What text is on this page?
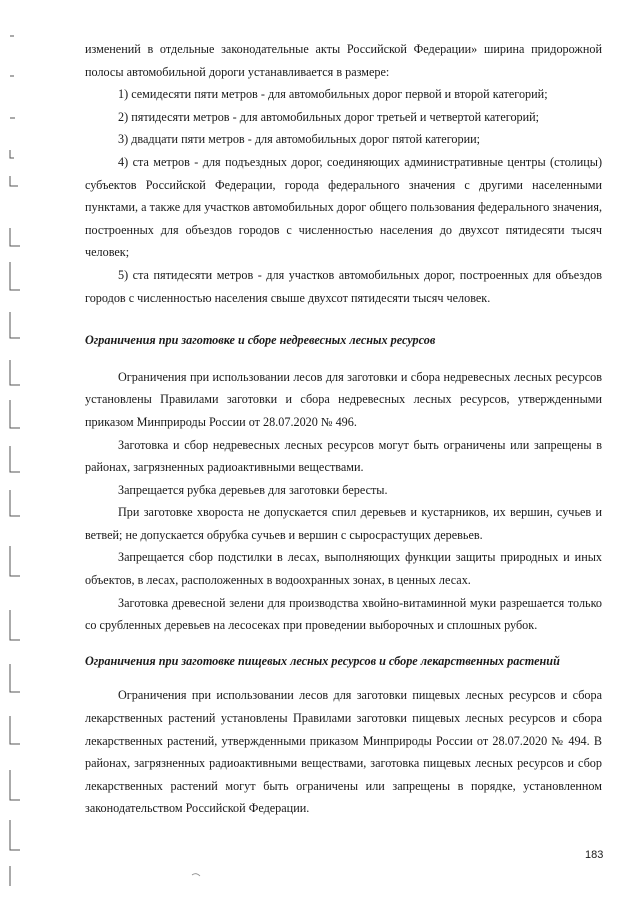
изменений в отдельные законодательные акты Российской Федерации» ширина придорожной полосы автомобильной дороги устанавливается в размере:

1) семидесяти пяти метров - для автомобильных дорог первой и второй категорий;

2) пятидесяти метров - для автомобильных дорог третьей и четвертой категорий;

3) двадцати пяти метров - для автомобильных дорог пятой категории;

4) ста метров - для подъездных дорог, соединяющих административные центры (столицы) субъектов Российской Федерации, города федерального значения с другими населенными пунктами, а также для участков автомобильных дорог общего пользования федерального значения, построенных для объездов городов с численностью населения до двухсот пятидесяти тысяч человек;

5) ста пятидесяти метров - для участков автомобильных дорог, построенных для объездов городов с численностью населения свыше двухсот пятидесяти тысяч человек.

Ограничения при заготовке и сборе недревесных лесных ресурсов

Ограничения при использовании лесов для заготовки и сбора недревесных лесных ресурсов установлены Правилами заготовки и сбора недревесных лесных ресурсов, утвержденными приказом Минприроды России от 28.07.2020 № 496.

Заготовка и сбор недревесных лесных ресурсов могут быть ограничены или запрещены в районах, загрязненных радиоактивными веществами.

Запрещается рубка деревьев для заготовки бересты.

При заготовке хвороста не допускается спил деревьев и кустарников, их вершин, сучьев и ветвей; не допускается обрубка сучьев и вершин с сыросрастущих деревьев.

Запрещается сбор подстилки в лесах, выполняющих функции защиты природных и иных объектов, в лесах, расположенных в водоохранных зонах, в ценных лесах.

Заготовка древесной зелени для производства хвойно-витаминной муки разрешается только со срубленных деревьев на лесосеках при проведении выборочных и сплошных рубок.

Ограничения при заготовке пищевых лесных ресурсов и сборе лекарственных растений

Ограничения при использовании лесов для заготовки пищевых лесных ресурсов и сбора лекарственных растений установлены Правилами заготовки пищевых лесных ресурсов и сбора лекарственных растений, утвержденными приказом Минприроды России от 28.07.2020 № 494. В районах, загрязненных радиоактивными веществами, заготовка пищевых лесных ресурсов и сбор лекарственных растений могут быть ограничены или запрещены в порядке, установленном законодательством Российской Федерации.

183
